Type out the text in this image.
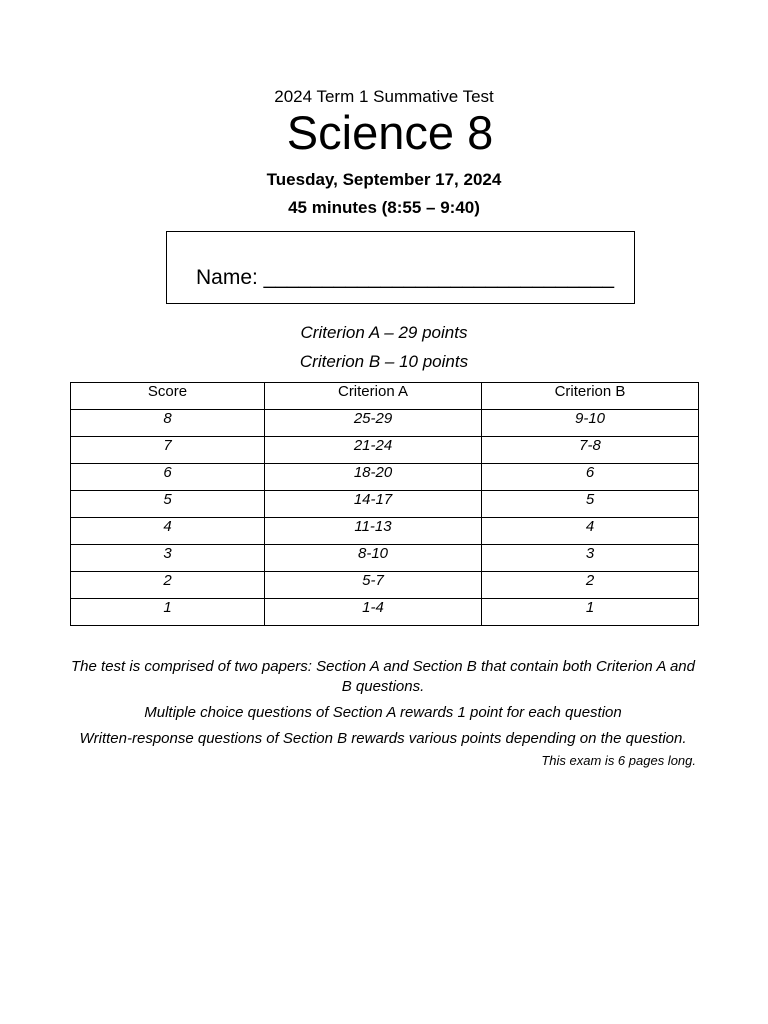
2024 Term 1 Summative Test
Science 8
Tuesday, September 17, 2024
45 minutes (8:55 – 9:40)
Name: ______________________________
Criterion A – 29 points
Criterion B – 10 points
Score	Criterion A	Criterion B
8	25-29	9-10
7	21-24	7-8
6	18-20	6
5	14-17	5
4	11-13	4
3	8-10	3
2	5-7	2
1	1-4	1
The test is comprised of two papers: Section A and Section B that contain both Criterion A and B questions.
Multiple choice questions of Section A rewards 1 point for each question
Written-response questions of Section B rewards various points depending on the question.
This exam is 6 pages long.
